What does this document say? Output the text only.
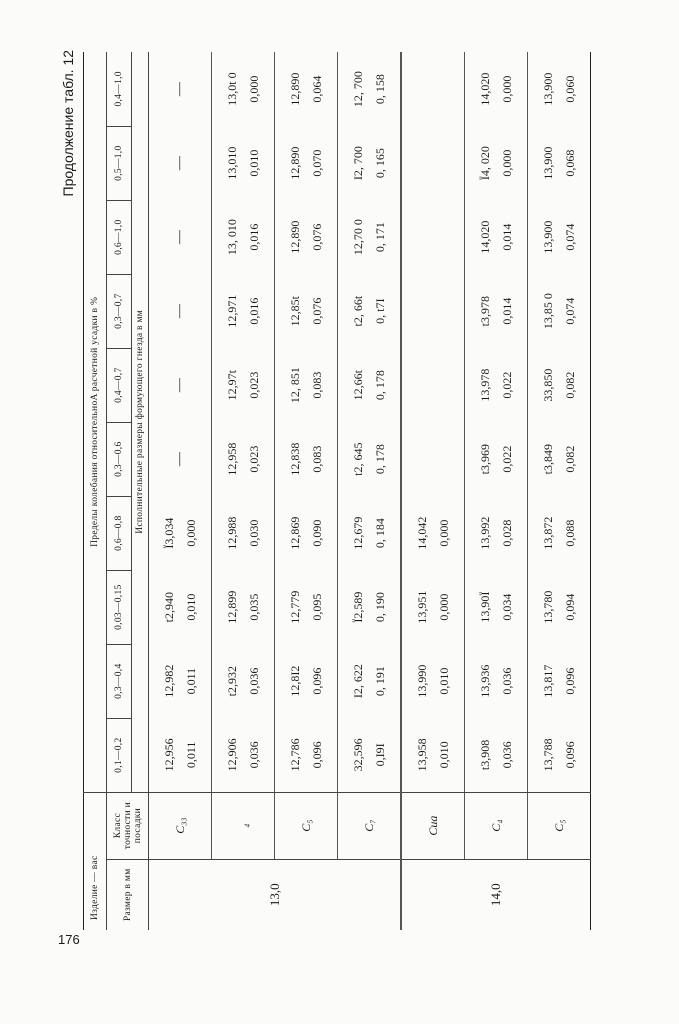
176
Продолжение табл. 12
Изделие — вас		Пределы колебания относительноA расчетной усадки в %									
Размер в мм	Класс точности и посадки	0,1—0,2	0,3—0,4	0,03—0,15	0,6—0,8	0,3—0,6	0,4—0,7	0,3—0,7	0,6—1,0	0,5—1,0	0,4—1,0
		Исполнительные размеры формующего гнезда в мм									
13,0	C₃₃	12,956 0,011	12,982 0,011	t2,940 0,010	Ї3,034 0,000	—	—	—	—	—	—

	₄	12,906 0,036	t2,932 0,036	12,899 0,035	12,988 0,030	12,958 0,023	12,97t 0,023	12,971 0,016	13, 010 0,016	13,010 0,010	13,0t 0 0,000

	C₅	12,786 0,096	12,8I2 0,096	12,779 0,095	12,869 0,090	12,838 0,083	12, 851 0,083	12,85t 0,076	12,890 0,076	12,890 0,070	12,890 0,064

	C₇	32,596 0,I9I	I2, 622 0, 191	Ї2,589 0, 190	12,679 0, 184	t2, 645 0, 178	12,66t 0, 178	t2, 66t 0, t7I	12,70 0 0, 171	I2, 700 0, 165	12, 700 0, 158

14,0	Cиа	13,958 0,010	13,990 0,010	13,951 0,000	14,042 0,000						

	C₄	t3,908 0,036	13,936 0,036	13,90Ї 0,034	13,992 0,028	t3,969 0,022	13,978 0,022	t3,978 0,014	14,020 0,014	Ї4, 020 0,000	14,020 0,000

	C₅	13,788 0,096	13,817 0,096	13,780 0,094	13,872 0,088	t3,849 0,082	33,850 0,082	13,85 0 0,074	13,900 0,074	13,900 0,068	13,900 0,060
